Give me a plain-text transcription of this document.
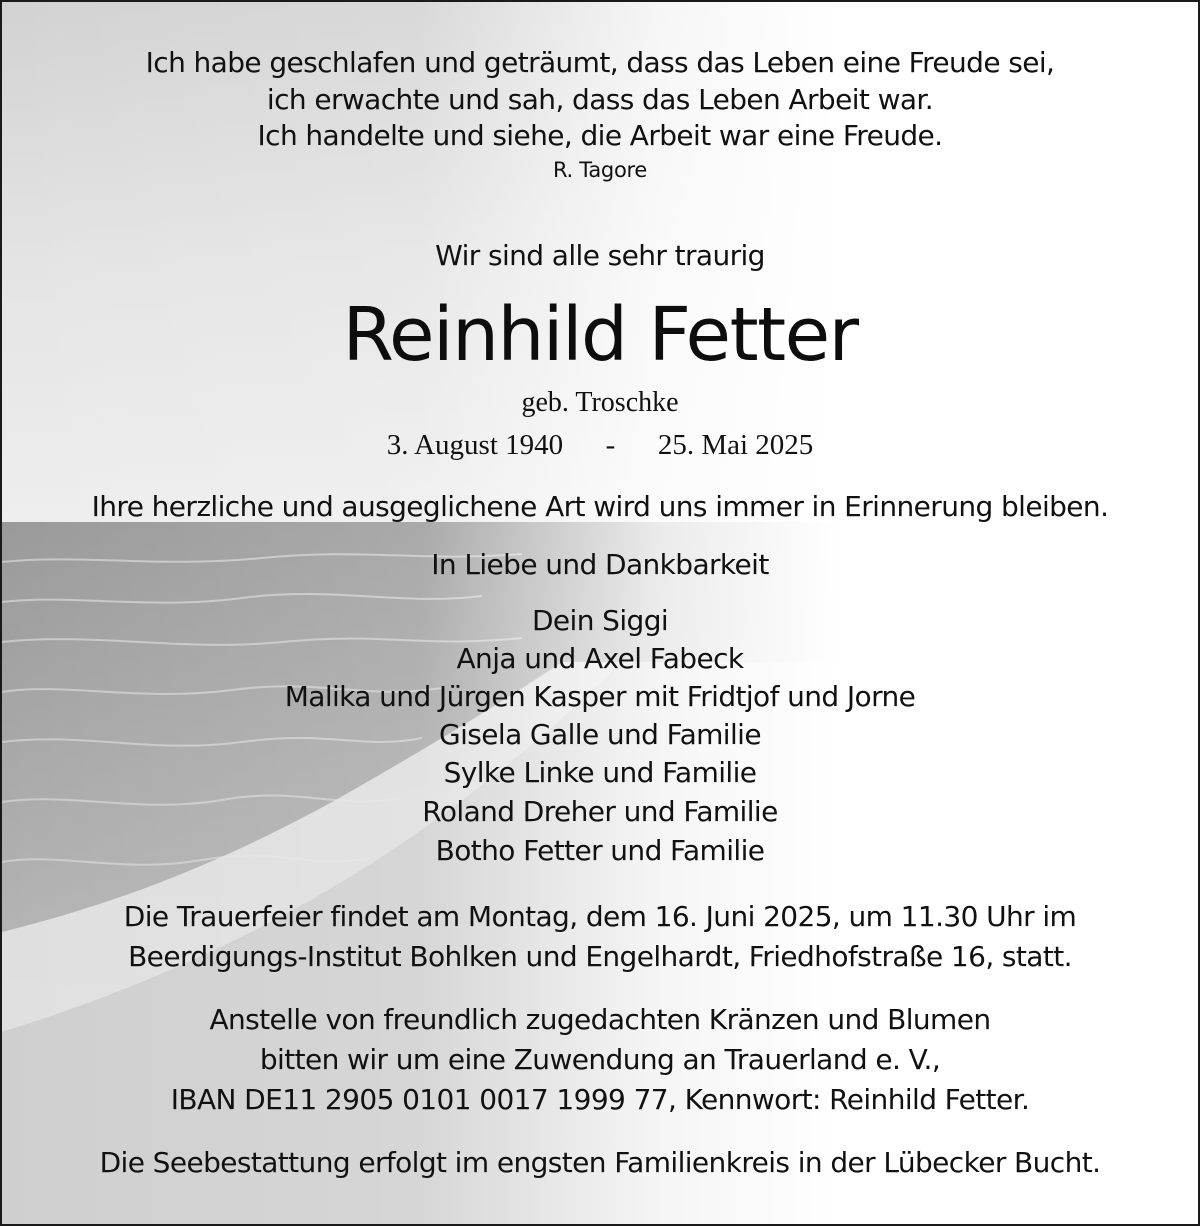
Ich habe geschlafen und geträumt, dass das Leben eine Freude sei,
ich erwachte und sah, dass das Leben Arbeit war.
Ich handelte und siehe, die Arbeit war eine Freude.
R. Tagore
Wir sind alle sehr traurig
Reinhild Fetter
geb. Troschke
3. August 1940 - 25. Mai 2025
Ihre herzliche und ausgeglichene Art wird uns immer in Erinnerung bleiben.
In Liebe und Dankbarkeit
Dein Siggi
Anja und Axel Fabeck
Malika und Jürgen Kasper mit Fridtjof und Jorne
Gisela Galle und Familie
Sylke Linke und Familie
Roland Dreher und Familie
Botho Fetter und Familie
Die Trauerfeier findet am Montag, dem 16. Juni 2025, um 11.30 Uhr im
Beerdigungs-Institut Bohlken und Engelhardt, Friedhofstraße 16, statt.
Anstelle von freundlich zugedachten Kränzen und Blumen
bitten wir um eine Zuwendung an Trauerland e. V.,
IBAN DE11 2905 0101 0017 1999 77, Kennwort: Reinhild Fetter.
Die Seebestattung erfolgt im engsten Familienkreis in der Lübecker Bucht.
